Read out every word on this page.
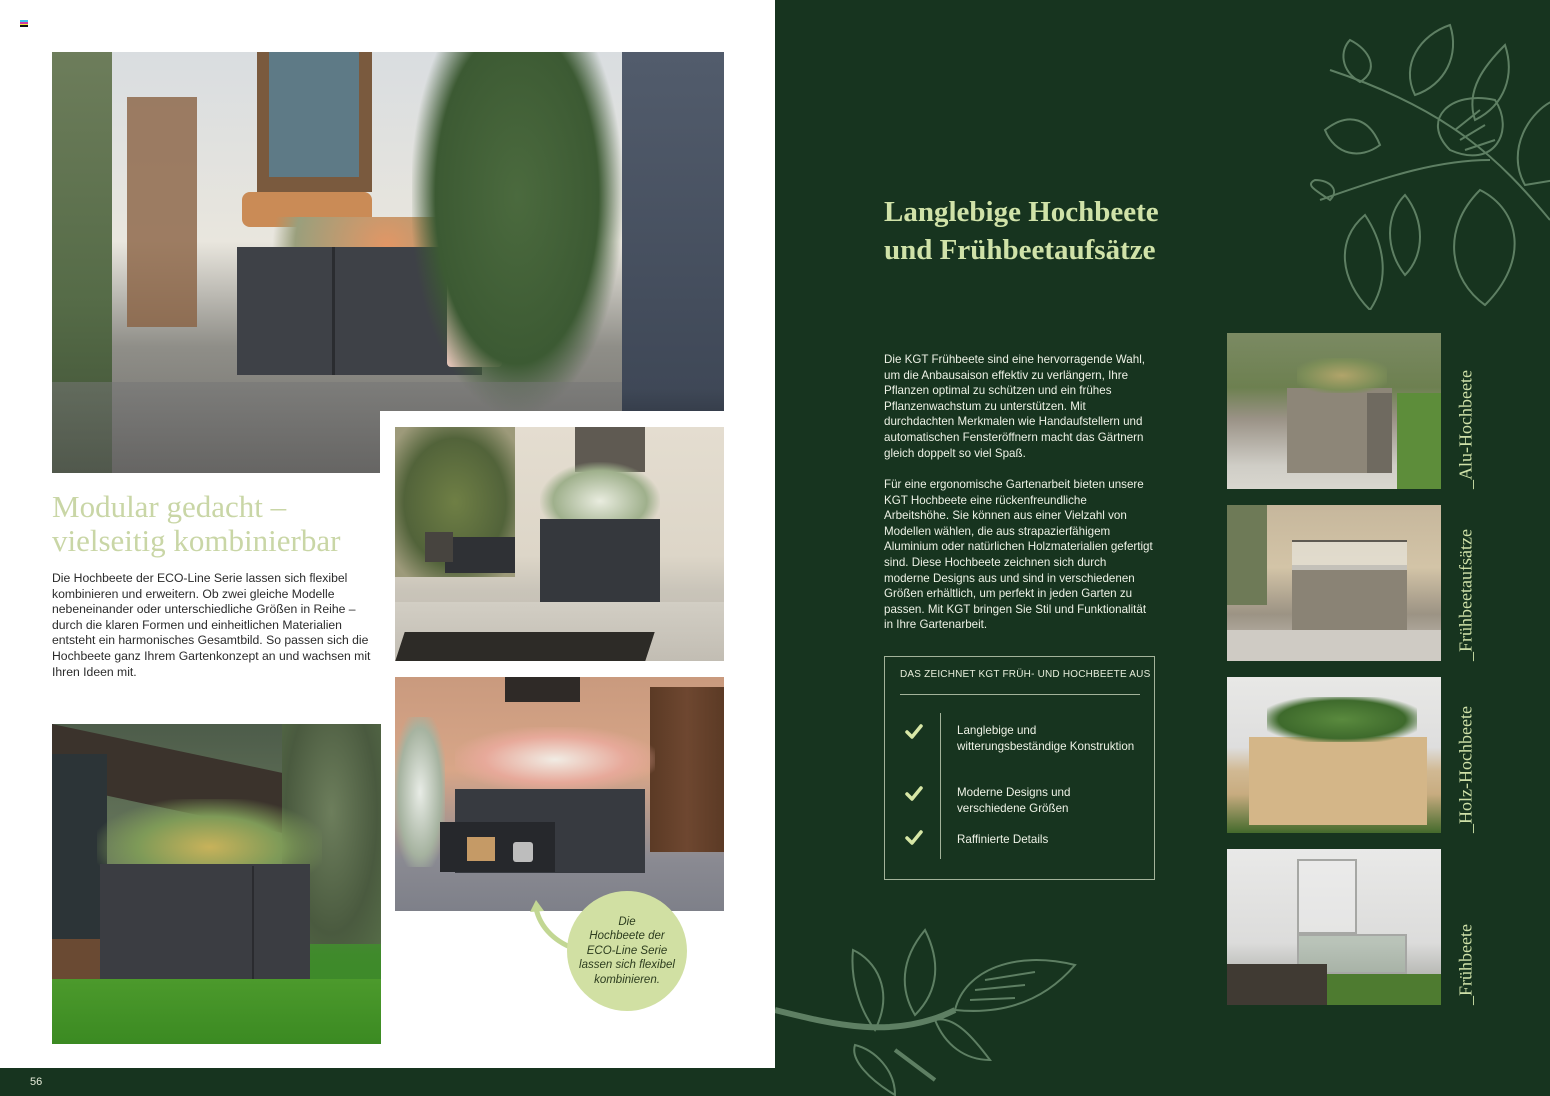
Modular gedacht –
vielseitig kombinierbar

Die Hochbeete der ECO-Line Serie lassen sich flexibel kombinieren und erweitern. Ob zwei gleiche Modelle nebeneinander oder unterschiedliche Größen in Reihe – durch die klaren Formen und einheitlichen Materialien entsteht ein harmonisches Gesamtbild. So passen sich die Hochbeete ganz Ihrem Gartenkonzept an und wachsen mit Ihren Ideen mit.

Die
Hochbeete der
ECO-Line Serie
lassen sich flexibel
kombinieren.
56
Langlebige Hochbeete
und Frühbeetaufsätze

Die KGT Frühbeete sind eine hervorragende Wahl, um die Anbausaison effektiv zu verlängern, Ihre Pflanzen optimal zu schützen und ein frühes Pflanzenwachstum zu unterstützen. Mit durchdachten Merkmalen wie Handaufstellern und automatischen Fensteröffnern macht das Gärtnern gleich doppelt so viel Spaß.

Für eine ergonomische Gartenarbeit bieten unsere KGT Hochbeete eine rückenfreundliche Arbeitshöhe. Sie können aus einer Vielzahl von Modellen wählen, die aus strapazierfähigem Aluminium oder natürlichen Holzmaterialien gefertigt sind. Diese Hochbeete zeichnen sich durch moderne Designs aus und sind in verschiedenen Größen erhältlich, um perfekt in jeden Garten zu passen. Mit KGT bringen Sie Stil und Funktionalität in Ihre Gartenarbeit.

DAS ZEICHNET KGT FRÜH- UND HOCHBEETE AUS
Langlebige und witterungsbeständige Konstruktion
Moderne Designs und verschiedene Größen
Raffinierte Details
_Alu-Hochbeete
_Frühbeetaufsätze
_Holz-Hochbeete
_Frühbeete
